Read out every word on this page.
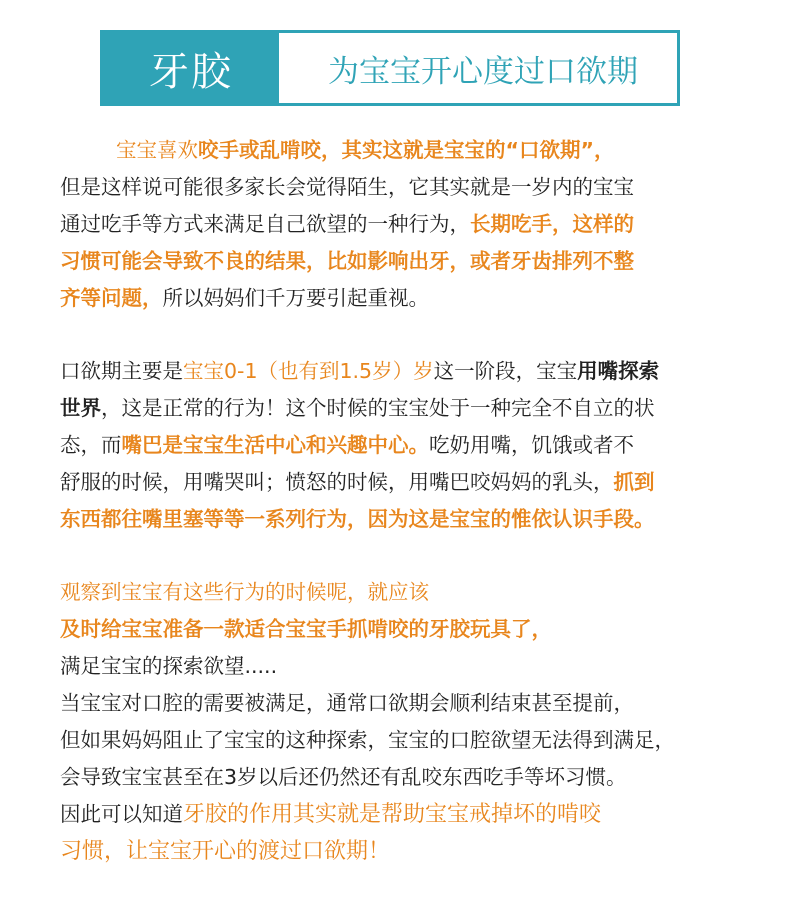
牙胶	为宝宝开心度过口欲期
宝宝喜欢咬手或乱啃咬，其实这就是宝宝的“口欲期”，
但是这样说可能很多家长会觉得陌生，它其实就是一岁内的宝宝
通过吃手等方式来满足自己欲望的一种行为，长期吃手，这样的
习惯可能会导致不良的结果，比如影响出牙，或者牙齿排列不整
齐等问题，所以妈妈们千万要引起重视。
口欲期主要是宝宝0-1（也有到1.5岁）岁这一阶段，宝宝用嘴探索
世界，这是正常的行为！这个时候的宝宝处于一种完全不自立的状
态，而嘴巴是宝宝生活中心和兴趣中心。吃奶用嘴，饥饿或者不
舒服的时候，用嘴哭叫；愤怒的时候，用嘴巴咬妈妈的乳头，抓到
东西都往嘴里塞等等一系列行为，因为这是宝宝的惟依认识手段。
观察到宝宝有这些行为的时候呢，就应该
及时给宝宝准备一款适合宝宝手抓啃咬的牙胶玩具了，
满足宝宝的探索欲望.....
当宝宝对口腔的需要被满足，通常口欲期会顺利结束甚至提前，
但如果妈妈阻止了宝宝的这种探索，宝宝的口腔欲望无法得到满足，
会导致宝宝甚至在3岁以后还仍然还有乱咬东西吃手等坏习惯。
因此可以知道牙胶的作用其实就是帮助宝宝戒掉坏的啃咬
习惯，让宝宝开心的渡过口欲期！
